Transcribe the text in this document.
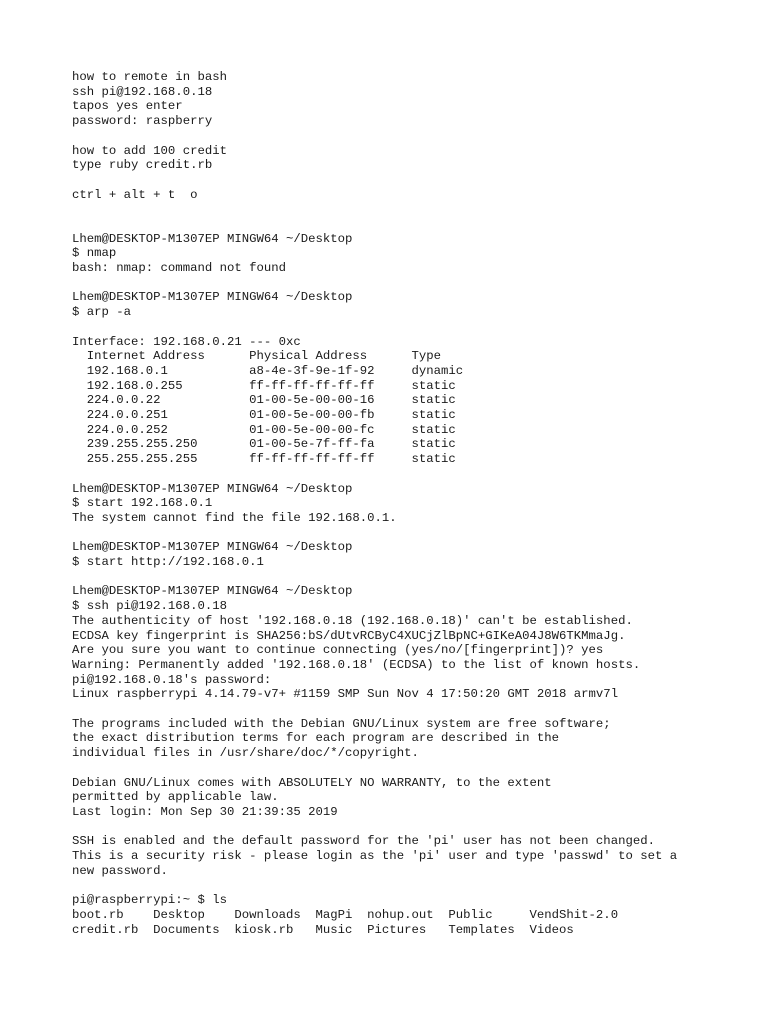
how to remote in bash
ssh pi@192.168.0.18
tapos yes enter
password: raspberry
how to add 100 credit
type ruby credit.rb
ctrl + alt + t  o
Lhem@DESKTOP-M1307EP MINGW64 ~/Desktop
$ nmap
bash: nmap: command not found
Lhem@DESKTOP-M1307EP MINGW64 ~/Desktop
$ arp -a
Interface: 192.168.0.21 --- 0xc
Internet Address      Physical Address      Type
192.168.0.1           a8-4e-3f-9e-1f-92     dynamic
192.168.0.255         ff-ff-ff-ff-ff-ff     static
224.0.0.22            01-00-5e-00-00-16     static
224.0.0.251           01-00-5e-00-00-fb     static
224.0.0.252           01-00-5e-00-00-fc     static
239.255.255.250       01-00-5e-7f-ff-fa     static
255.255.255.255       ff-ff-ff-ff-ff-ff     static
Lhem@DESKTOP-M1307EP MINGW64 ~/Desktop
$ start 192.168.0.1
The system cannot find the file 192.168.0.1.
Lhem@DESKTOP-M1307EP MINGW64 ~/Desktop
$ start http://192.168.0.1
Lhem@DESKTOP-M1307EP MINGW64 ~/Desktop
$ ssh pi@192.168.0.18
The authenticity of host '192.168.0.18 (192.168.0.18)' can't be established.
ECDSA key fingerprint is SHA256:bS/dUtvRCByC4XUCjZlBpNC+GIKeA04J8W6TKMmaJg.
Are you sure you want to continue connecting (yes/no/[fingerprint])? yes
Warning: Permanently added '192.168.0.18' (ECDSA) to the list of known hosts.
pi@192.168.0.18's password:
Linux raspberrypi 4.14.79-v7+ #1159 SMP Sun Nov 4 17:50:20 GMT 2018 armv7l
The programs included with the Debian GNU/Linux system are free software;
the exact distribution terms for each program are described in the
individual files in /usr/share/doc/*/copyright.
Debian GNU/Linux comes with ABSOLUTELY NO WARRANTY, to the extent
permitted by applicable law.
Last login: Mon Sep 30 21:39:35 2019
SSH is enabled and the default password for the 'pi' user has not been changed.
This is a security risk - please login as the 'pi' user and type 'passwd' to set a
new password.
pi@raspberrypi:~ $ ls
boot.rb    Desktop    Downloads  MagPi  nohup.out  Public     VendShit-2.0
credit.rb  Documents  kiosk.rb   Music  Pictures   Templates  Videos
